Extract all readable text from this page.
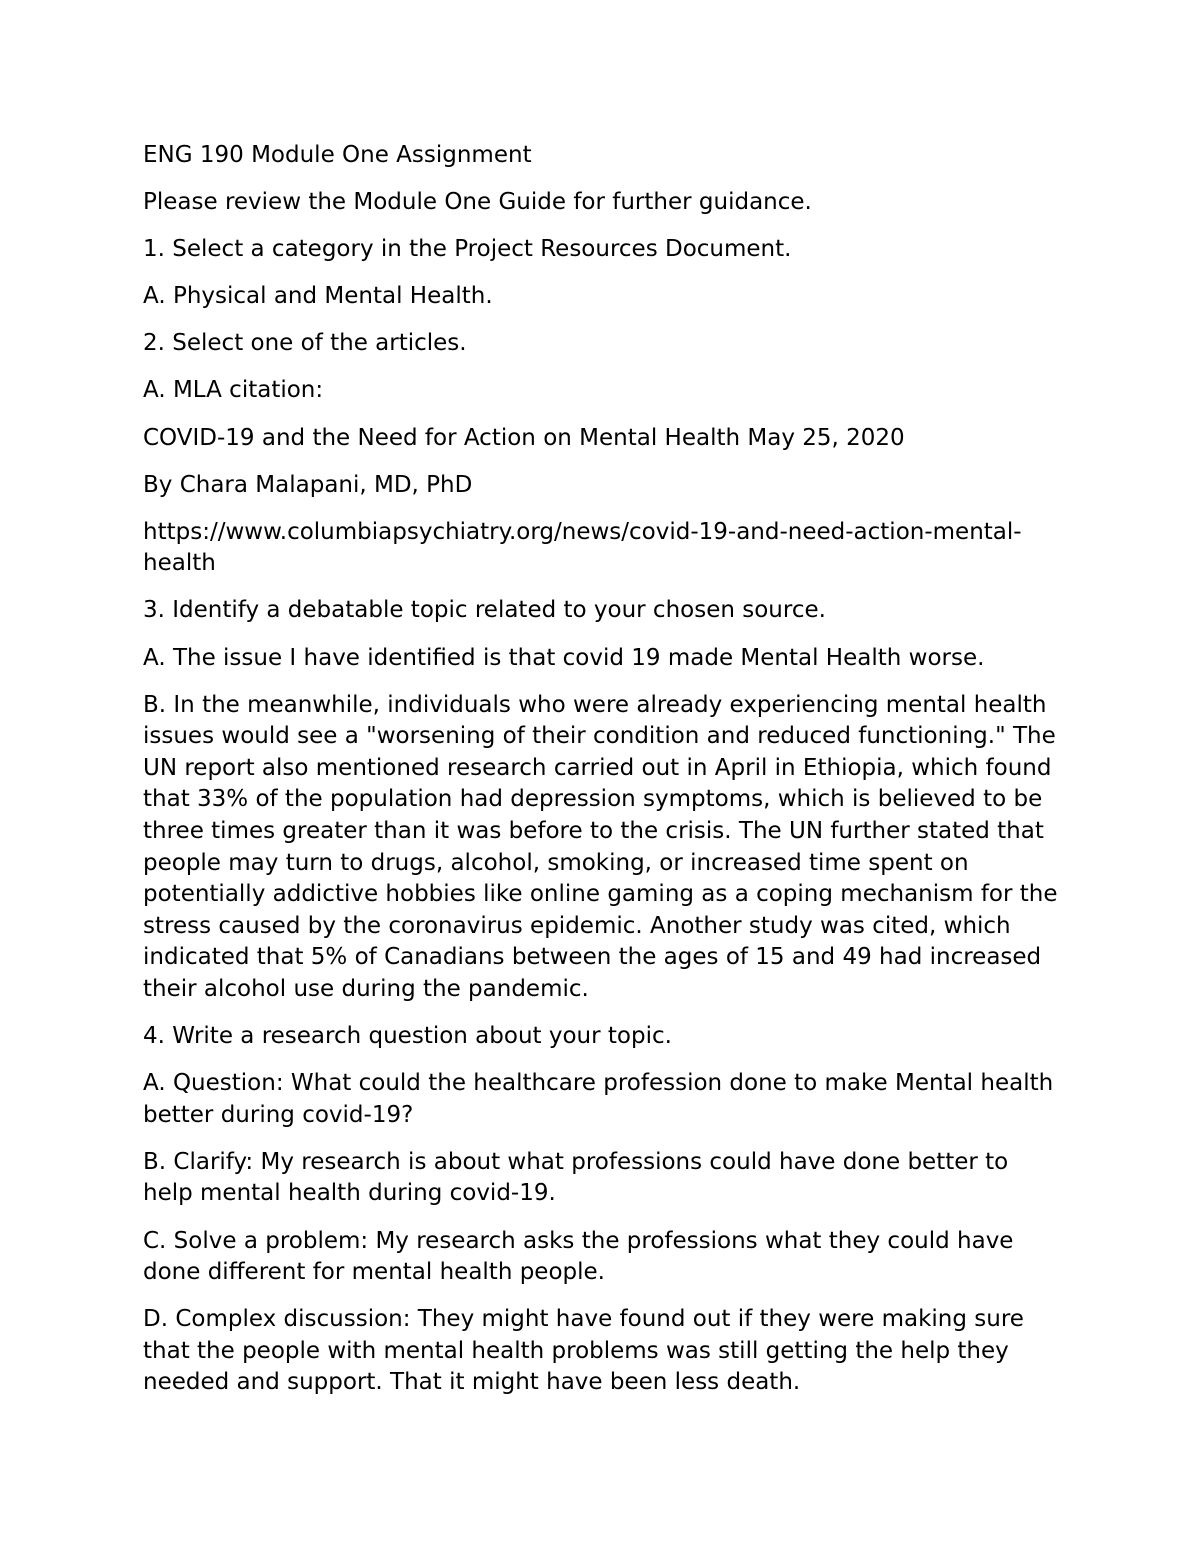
ENG 190 Module One Assignment

Please review the Module One Guide for further guidance.

1. Select a category in the Project Resources Document.

A. Physical and Mental Health.

2. Select one of the articles.

A. MLA citation:

COVID-19 and the Need for Action on Mental Health May 25, 2020

By Chara Malapani, MD, PhD

https://www.columbiapsychiatry.org/news/covid-19-and-need-action-mental-
health

3. Identify a debatable topic related to your chosen source.

A. The issue I have identified is that covid 19 made Mental Health worse.

B. In the meanwhile, individuals who were already experiencing mental health issues would see a "worsening of their condition and reduced functioning." The UN report also mentioned research carried out in April in Ethiopia, which found that 33% of the population had depression symptoms, which is believed to be three times greater than it was before to the crisis. The UN further stated that people may turn to drugs, alcohol, smoking, or increased time spent on potentially addictive hobbies like online gaming as a coping mechanism for the stress caused by the coronavirus epidemic. Another study was cited, which indicated that 5% of Canadians between the ages of 15 and 49 had increased their alcohol use during the pandemic.

4. Write a research question about your topic.

A. Question: What could the healthcare profession done to make Mental health better during covid-19?

B. Clarify: My research is about what professions could have done better to help mental health during covid-19.

C. Solve a problem: My research asks the professions what they could have done different for mental health people.

D. Complex discussion: They might have found out if they were making sure that the people with mental health problems was still getting the help they needed and support. That it might have been less death.
